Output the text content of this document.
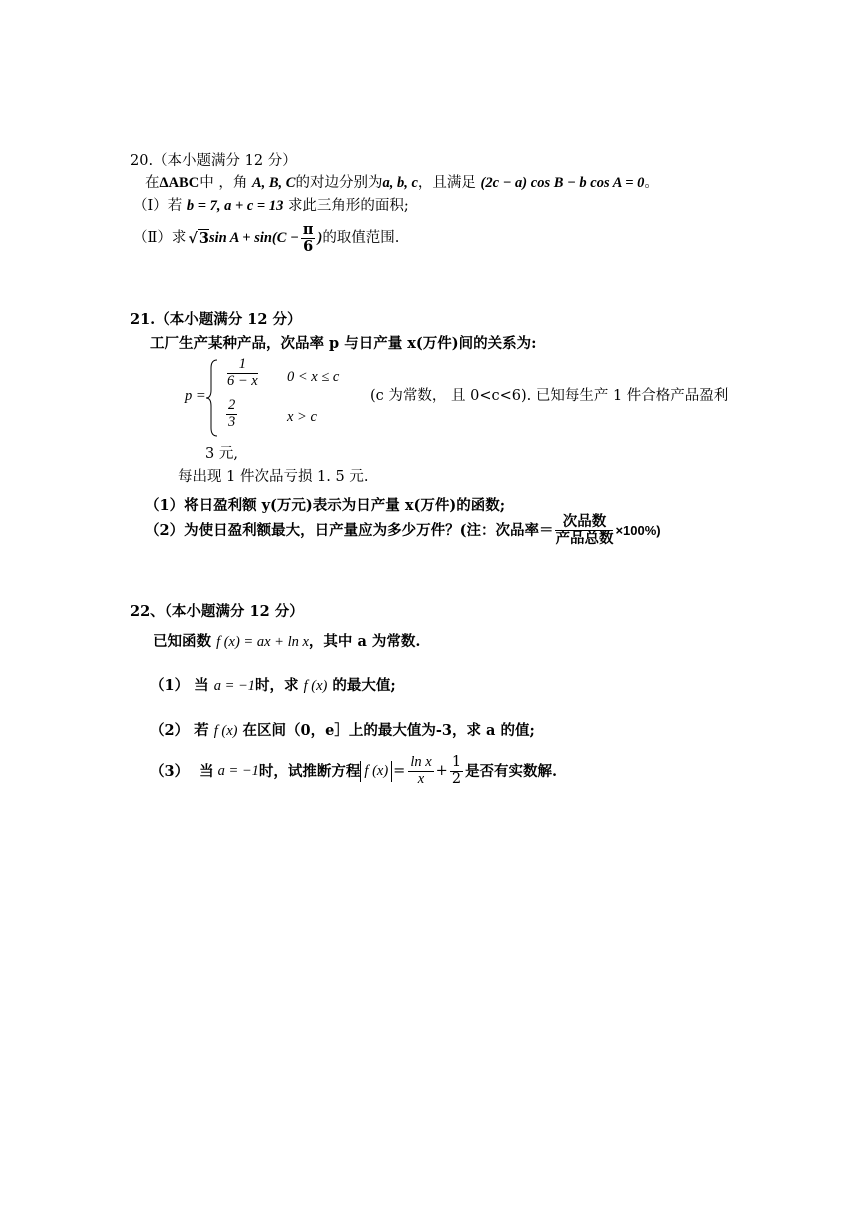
20.（本小题满分 12 分）
在ΔABC中 ，角 A, B, C的对边分别为a, b, c，且满足 (2c − a) cos B − b cos A = 0。
（Ⅰ）若 b = 7, a + c = 13 求此三角形的面积;
（Ⅱ）求 √3 $\sin A + \sin(C - \frac{\pi}{6}$ ) 的取值范围.
21.（本小题满分 12 分）
工厂生产某种产品，次品率 p 与日产量 x(万件)间的关系为:
p =
$\frac{1}{6 - x} 0 < x \le c$
$\frac{2}{3}$	x > c
(c 为常数， 且 0<c<6). 已知每生产 1 件合格产品盈利
3 元,
每出现 1 件次品亏损 1. 5 元.
（1）将日盈利额 y(万元)表示为日产量 x(万件)的函数;
（2）为使日盈利额最大，日产量应为多少万件？(注：次品率＝ $\frac{\text{次品数}}{\text{产品总数}} \times 100\%$)
22、（本小题满分 12 分）
已知函数 f (x) = ax + ln x，其中 a 为常数.
（1） 当 a = −1时，求 f (x) 的最大值;
（2） 若 f (x) 在区间（0，e］上的最大值为-3，求 a 的值;
（3） 当 a = −1 时，试推断方程 f $(x) = \frac{\text{ln x}}{x} + \frac{1}{2}$ 是否有实数解.
